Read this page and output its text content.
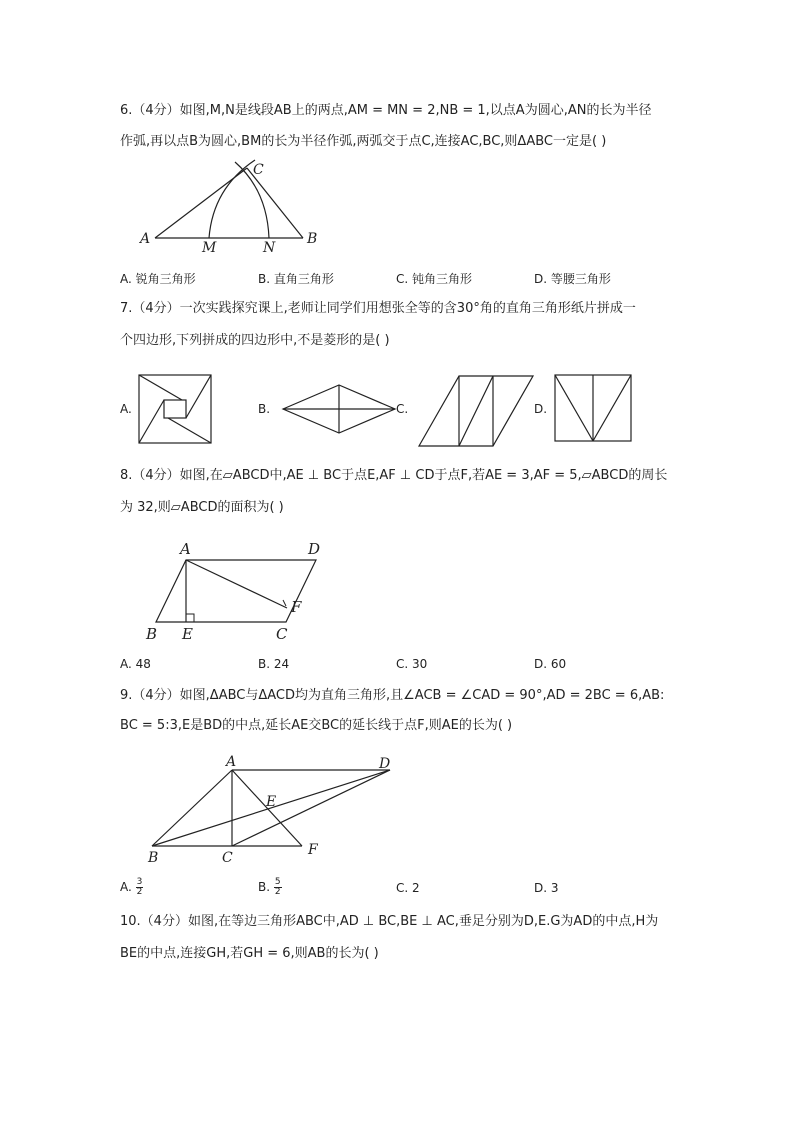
6.（4分）如图,M,N是线段AB上的两点,AM = MN = 2,NB = 1,以点A为圆心,AN的长为半径
作弧,再以点B为圆心,BM的长为半径作弧,两弧交于点C,连接AC,BC,则ΔABC一定是( )
A	B
C
M	N
A. 锐角三角形	B. 直角三角形	C. 钝角三角形	D. 等腰三角形
7.（4分）一次实践探究课上,老师让同学们用想张全等的含30°角的直角三角形纸片拼成一
个四边形,下列拼成的四边形中,不是菱形的是( )
A.	B.	C.	D.
8.（4分）如图,在▱ABCD中,AE ⊥ BC于点E,AF ⊥ CD于点F,若AE = 3,AF = 5,▱ABCD的周长
为 32,则▱ABCD的面积为( )
A	D
B E	C
F
A. 48	B. 24	C. 30	D. 60
9.（4分）如图,ΔABC与ΔACD均为直角三角形,且∠ACB = ∠CAD = 90°,AD = 2BC = 6,AB:
BC = 5:3,E是BD的中点,延长AE交BC的延长线于点F,则AE的长为( )
A	D
E
B	C	F
A. $\frac{3}{2}$	B. $\frac{5}{2}$	C. 2	D. 3
10.（4分）如图,在等边三角形ABC中,AD ⊥ BC,BE ⊥ AC,垂足分别为D,E.G为AD的中点,H为
BE的中点,连接GH,若GH = 6,则AB的长为( )
